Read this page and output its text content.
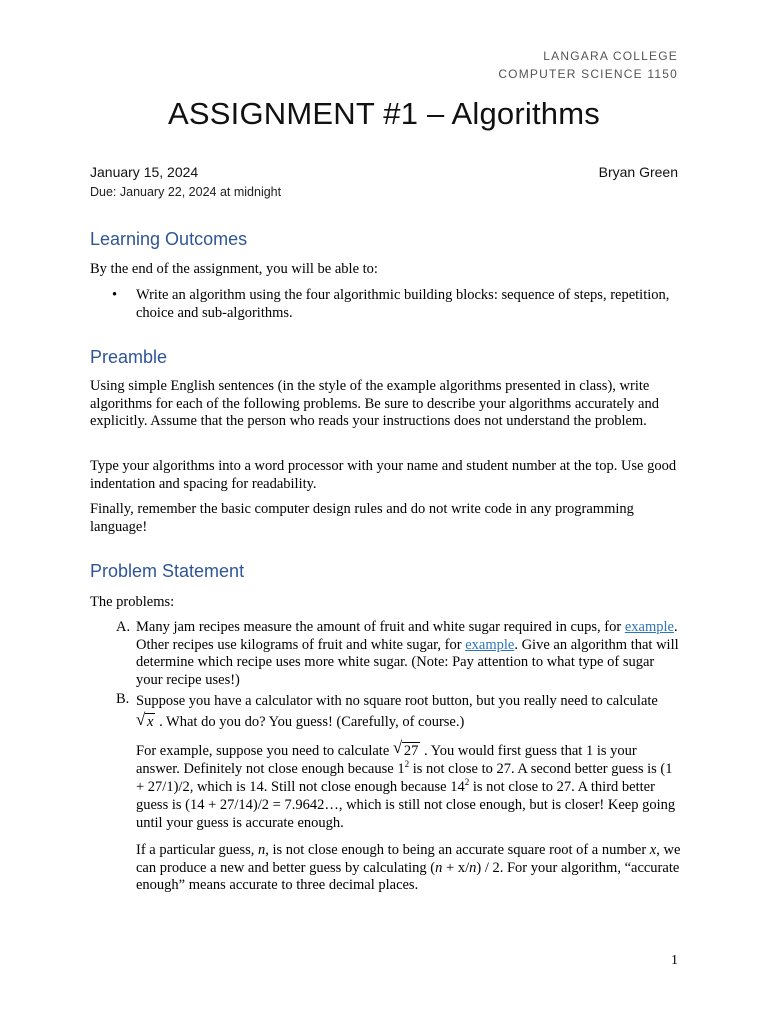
LANGARA COLLEGE
COMPUTER SCIENCE 1150
ASSIGNMENT #1 – Algorithms
January 15, 2024	Bryan Green
Due: January 22, 2024 at midnight
Learning Outcomes

By the end of the assignment, you will be able to:

• Write an algorithm using the four algorithmic building blocks: sequence of steps, repetition, choice and sub-algorithms.
Preamble

Using simple English sentences (in the style of the example algorithms presented in class), write algorithms for each of the following problems. Be sure to describe your algorithms accurately and explicitly. Assume that the person who reads your instructions does not understand the problem.

Type your algorithms into a word processor with your name and student number at the top. Use good indentation and spacing for readability.

Finally, remember the basic computer design rules and do not write code in any programming language!

Problem Statement

The problems:

A. Many jam recipes measure the amount of fruit and white sugar required in cups, for example. Other recipes use kilograms of fruit and white sugar, for example. Give an algorithm that will determine which recipe uses more white sugar. (Note: Pay attention to what type of sugar your recipe uses!)
B. Suppose you have a calculator with no square root button, but you really need to calculate

√ x . What do you do? You guess! (Carefully, of course.)
For example, suppose you need to calculate √ 27 . You would first guess that 1 is your answer. Definitely not close enough because $1^2$ is not close to 27. A second better guess is (1 + 27/1)/2, which is 14. Still not close enough because $14^2$ is not close to 27. A third better guess is (14 + 27/14)/2 = 7.9642…, which is still not close enough, but is closer! Keep going until your guess is accurate enough.
If a particular guess, n, is not close enough to being an accurate square root of a number x, we can produce a new and better guess by calculating (n + x/n) / 2. For your algorithm, “accurate enough” means accurate to three decimal places.
1
